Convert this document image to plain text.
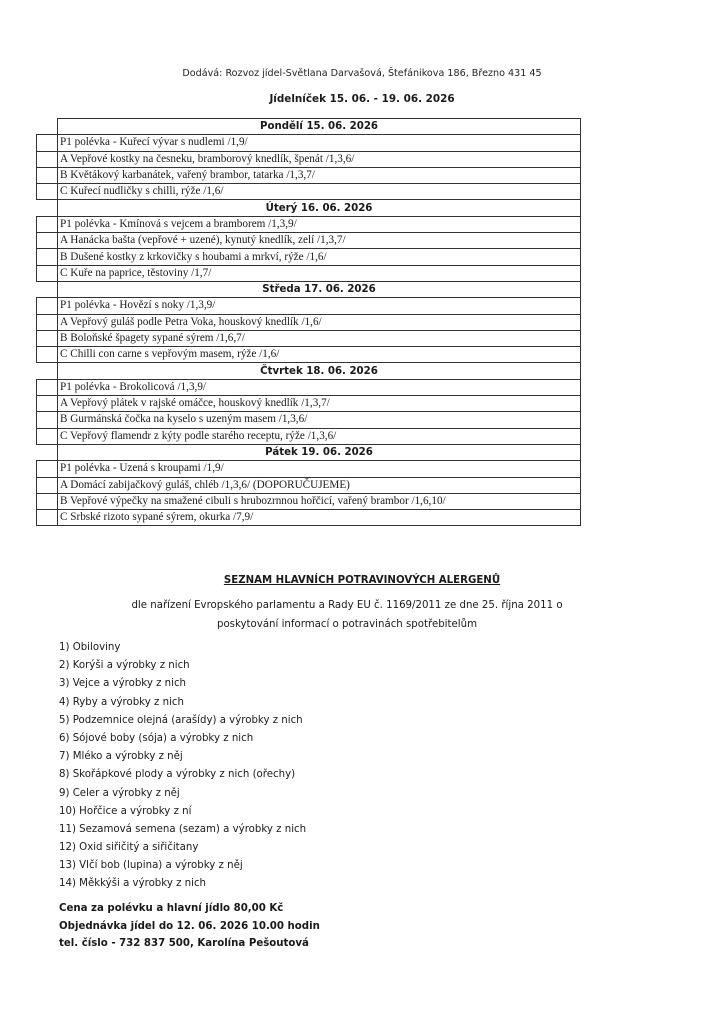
Dodává: Rozvoz jídel-Světlana Darvašová, Štefánikova 186, Březno 431 45
Jídelníček 15. 06. - 19. 06. 2026
	Pondělí 15. 06. 2026
	P1 polévka - Kuřecí vývar s nudlemi /1,9/
	A Vepřové kostky na česneku, bramborový knedlík, špenát /1,3,6/
	B Květákový karbanátek, vařený brambor, tatarka /1,3,7/
	C Kuřecí nudličky s chilli, rýže /1,6/
	Úterý 16. 06. 2026
	P1 polévka - Kmínová s vejcem a bramborem /1,3,9/
	A Hanácka bašta (vepřové + uzené), kynutý knedlík, zelí /1,3,7/
	B Dušené kostky z krkovičky s houbami a mrkví, rýže /1,6/
	C Kuře na paprice, těstoviny /1,7/
	Středa 17. 06. 2026
	P1 polévka - Hovězí s noky /1,3,9/
	A Vepřový guláš podle Petra Voka, houskový knedlík /1,6/
	B Boloňské špagety sypané sýrem /1,6,7/
	C Chilli con carne s vepřovým masem, rýže /1,6/
	Čtvrtek 18. 06. 2026
	P1 polévka - Brokolicová /1,3,9/
	A Vepřový plátek v rajské omáčce, houskový knedlík /1,3,7/
	B Gurmánská čočka na kyselo s uzeným masem /1,3,6/
	C Vepřový flamendr z kýty podle starého receptu, rýže /1,3,6/
	Pátek 19. 06. 2026
	P1 polévka - Uzená s kroupami /1,9/
	A Domácí zabijačkový guláš, chléb /1,3,6/ (DOPORUČUJEME)
	B Vepřové výpečky na smažené cibuli s hrubozrnnou hořčicí, vařený brambor /1,6,10/
	C Srbské rizoto sypané sýrem, okurka /7,9/
SEZNAM HLAVNÍCH POTRAVINOVÝCH ALERGENŮ
dle nařízení Evropského parlamentu a Rady EU č. 1169/2011 ze dne 25. října 2011 o
poskytování informací o potravinách spotřebitelům
1) Obiloviny
2) Korýši a výrobky z nich
3) Vejce a výrobky z nich
4) Ryby a výrobky z nich
5) Podzemnice olejná (arašídy) a výrobky z nich
6) Sójové boby (sója) a výrobky z nich
7) Mléko a výrobky z něj
8) Skořápkové plody a výrobky z nich (ořechy)
9) Celer a výrobky z něj
10) Hořčice a výrobky z ní
11) Sezamová semena (sezam) a výrobky z nich
12) Oxid siřičitý a siřičitany
13) Vlčí bob (lupina) a výrobky z něj
14) Měkkýši a výrobky z nich
Cena za polévku a hlavní jídlo 80,00 Kč
Objednávka jídel do 12. 06. 2026 10.00 hodin
tel. číslo - 732 837 500, Karolína Pešoutová
